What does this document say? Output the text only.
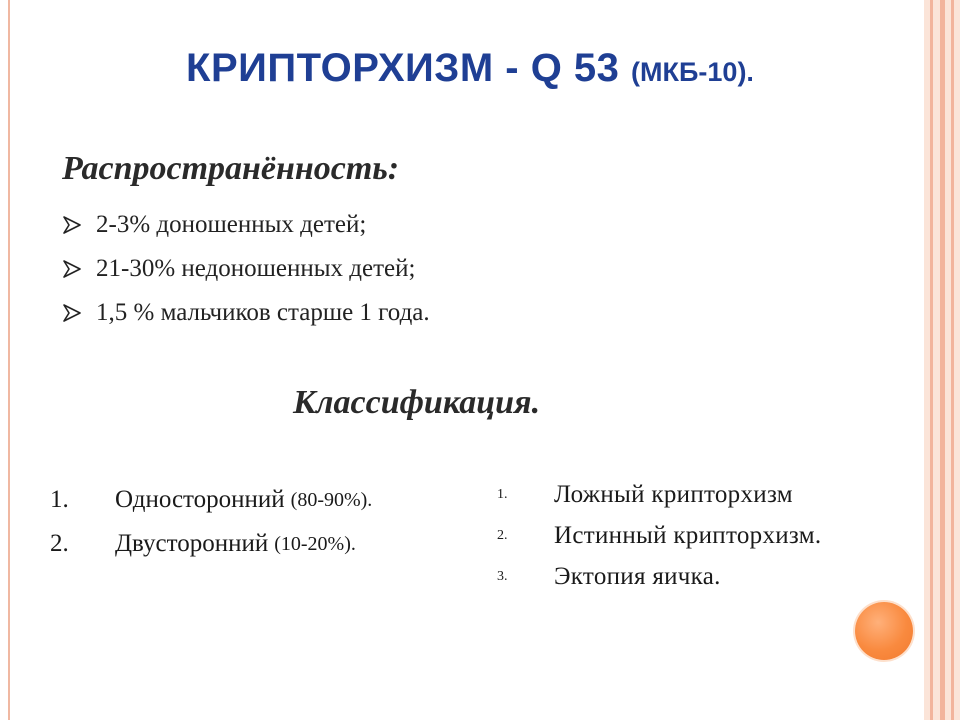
КРИПТОРХИЗМ - Q 53 (МКБ-10).
Распространённость:
2-3% доношенных детей;
21-30% недоношенных детей;
1,5 % мальчиков старше 1 года.
Классификация.
1.	Односторонний (80-90%).
2.	Двусторонний (10-20%).
1.	Ложный крипторхизм
2.	Истинный крипторхизм.
3.	Эктопия яичка.
